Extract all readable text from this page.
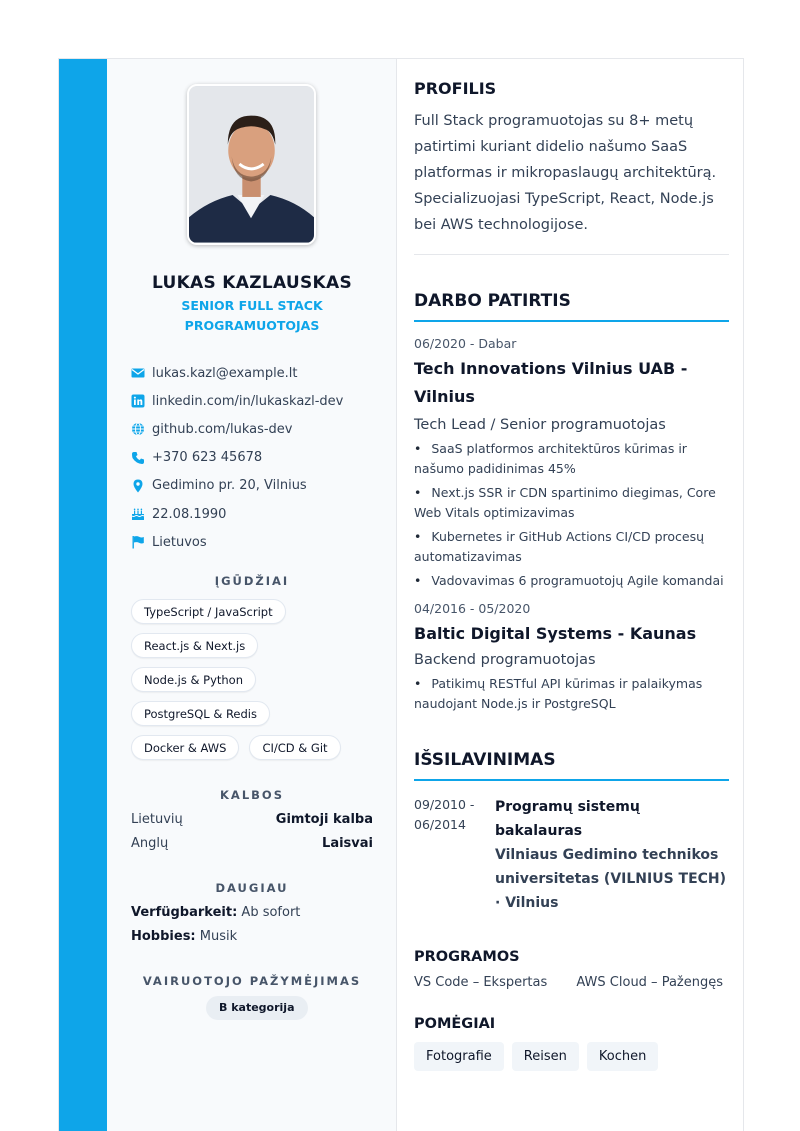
LUKAS KAZLAUSKAS
SENIOR FULL STACK PROGRAMUOTOJAS
lukas.kazl@example.lt
linkedin.com/in/lukaskazl-dev
github.com/lukas-dev
+370 623 45678
Gedimino pr. 20, Vilnius
22.08.1990
Lietuvos
ĮGŪDŽIAI
TypeScript / JavaScript
React.js & Next.js
Node.js & Python
PostgreSQL & Redis
Docker & AWS	CI/CD & Git
KALBOS
Lietuvių	Gimtoji kalba
Anglų	Laisvai
DAUGIAU
Verfügbarkeit: Ab sofort
Hobbies: Musik
VAIRUOTOJO PAŽYMĖJIMAS
B kategorija
PROFILIS
Full Stack programuotojas su 8+ metų patirtimi kuriant didelio našumo SaaS platformas ir mikropaslaugų architektūrą. Specializuojasi TypeScript, React, Node.js bei AWS technologijose.
DARBO PATIRTIS
06/2020 - Dabar
Tech Innovations Vilnius UAB - Vilnius
Tech Lead / Senior programuotojas
• SaaS platformos architektūros kūrimas ir našumo padidinimas 45%
• Next.js SSR ir CDN spartinimo diegimas, Core Web Vitals optimizavimas
• Kubernetes ir GitHub Actions CI/CD procesų automatizavimas
• Vadovavimas 6 programuotojų Agile komandai
04/2016 - 05/2020
Baltic Digital Systems - Kaunas
Backend programuotojas
• Patikimų RESTful API kūrimas ir palaikymas naudojant Node.js ir PostgreSQL
IŠSILAVINIMAS
09/2010 -
06/2014
Programų sistemų bakalauras
Vilniaus Gedimino technikos universitetas (VILNIUS TECH) · Vilnius
PROGRAMOS
VS Code – Ekspertas AWS Cloud – Pažengęs
POMĖGIAI
Fotografie	Reisen	Kochen
